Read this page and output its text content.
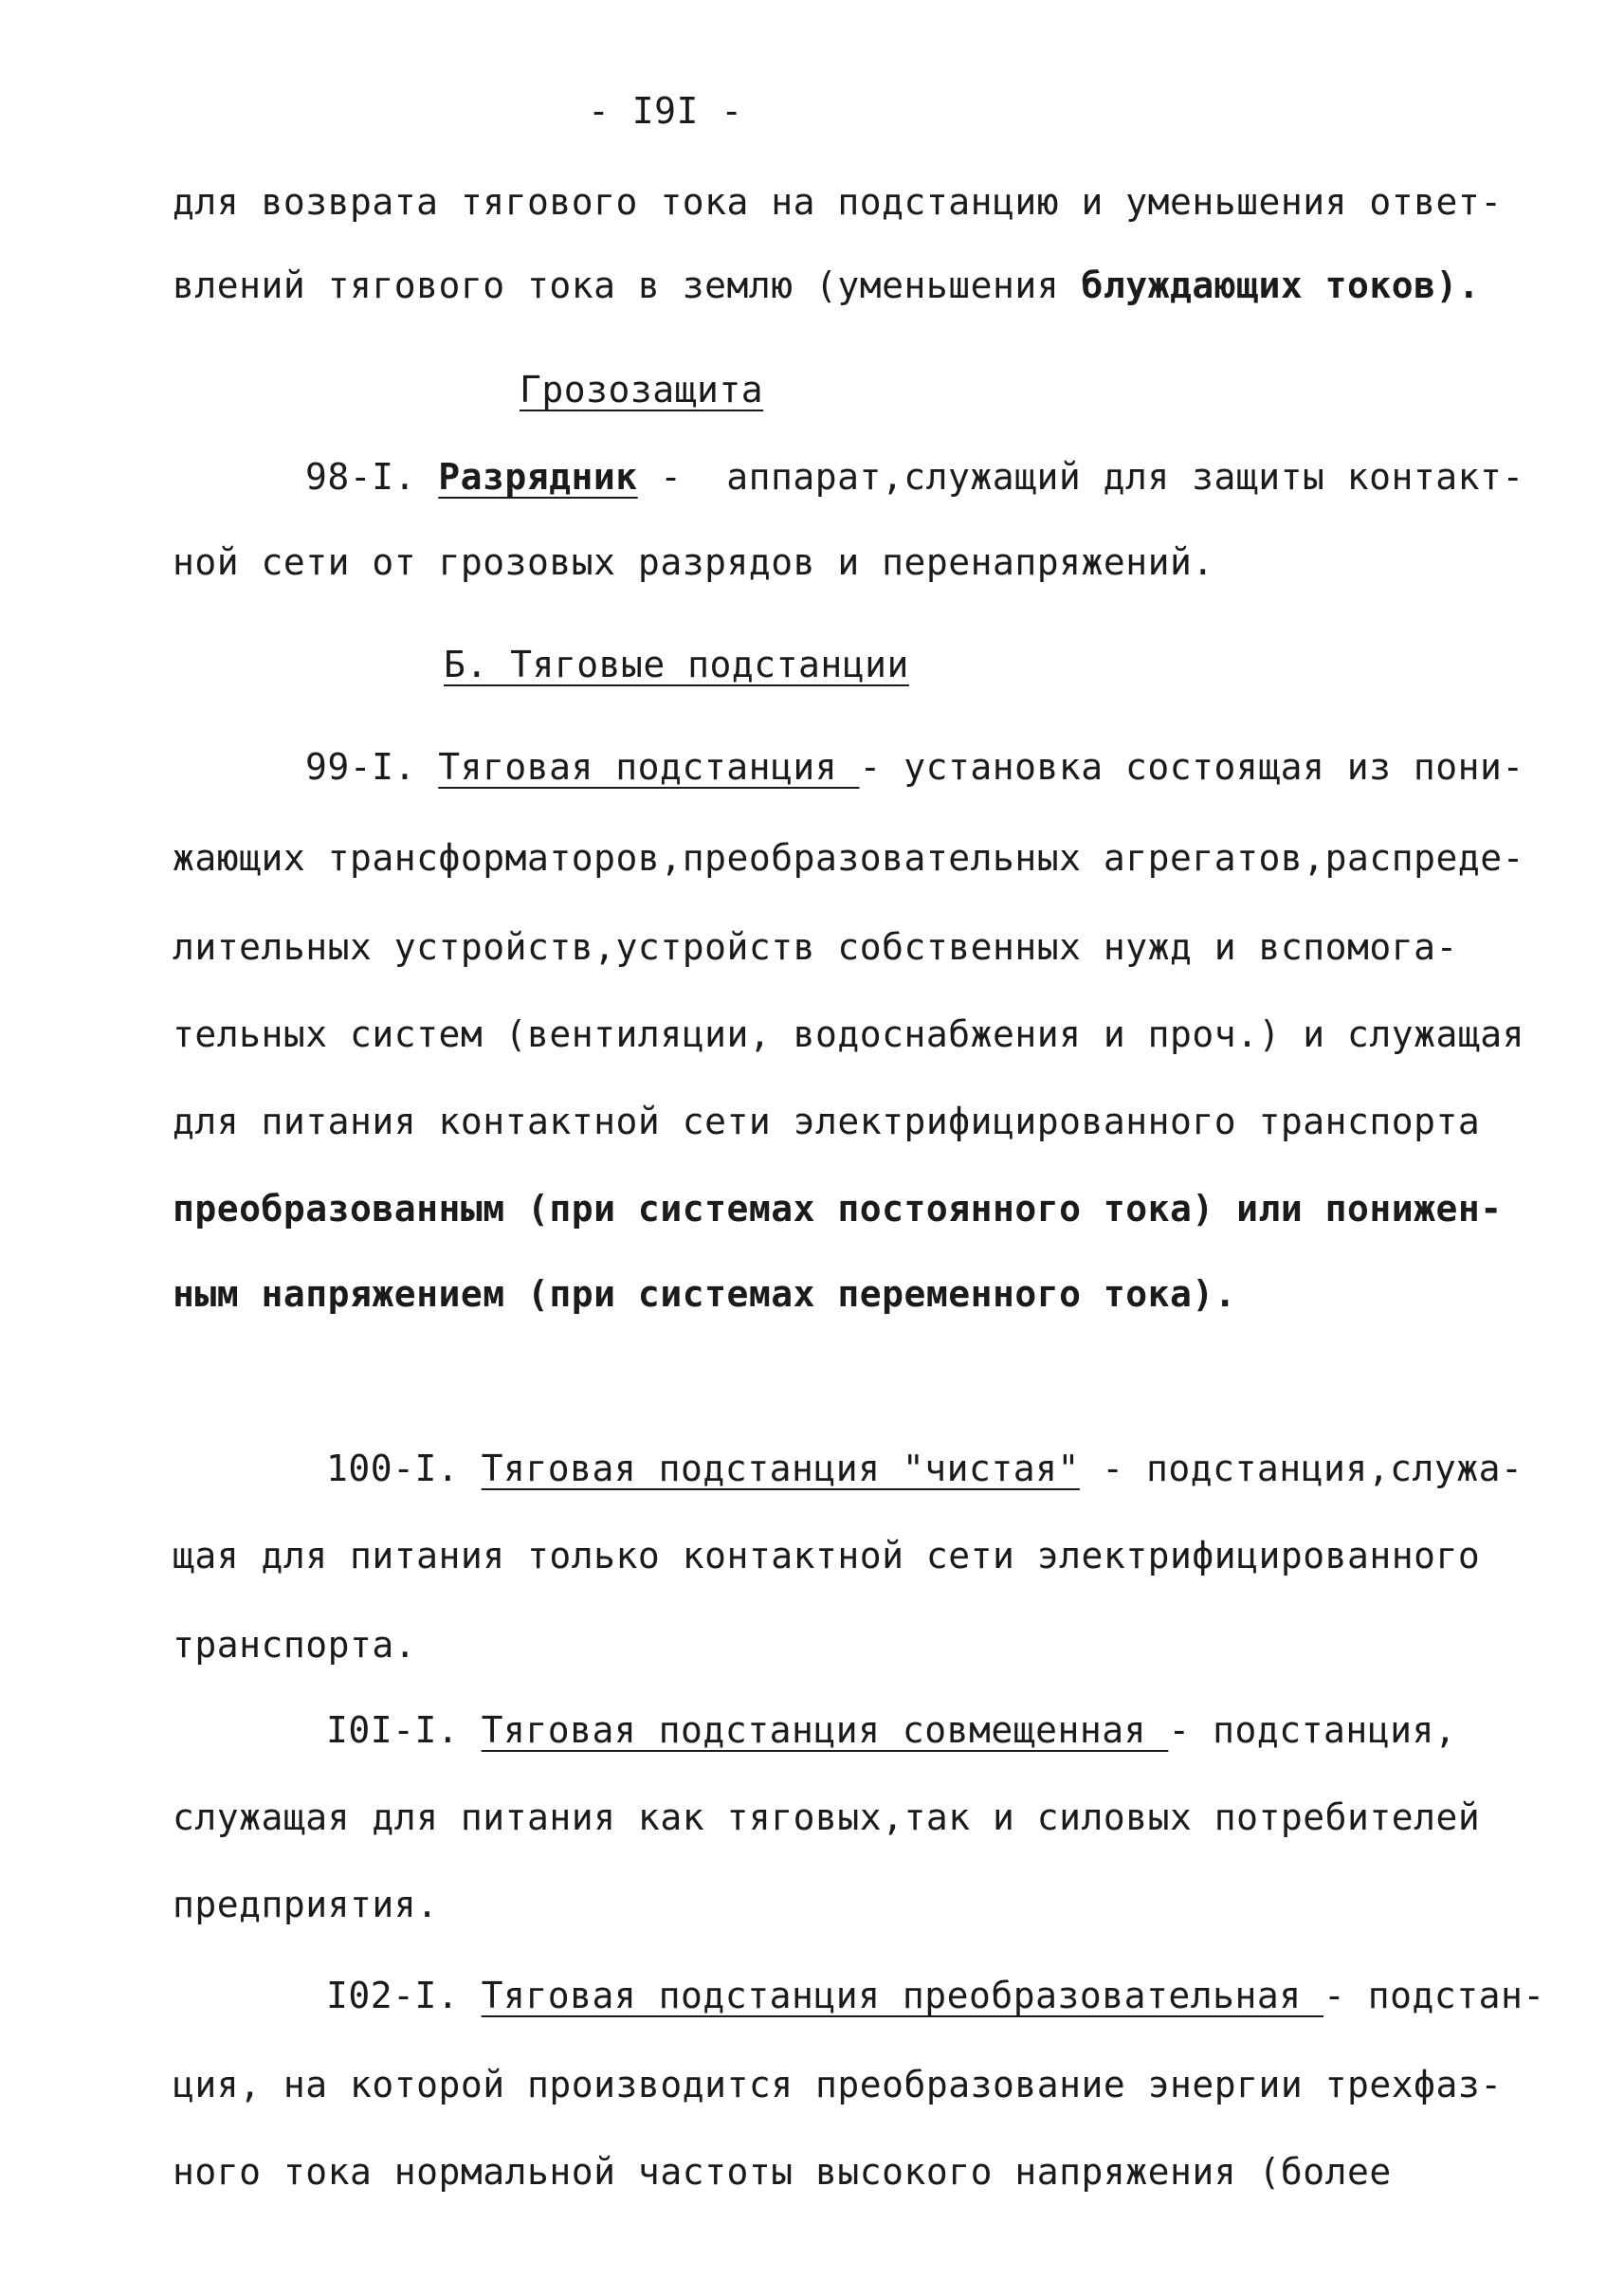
- I9I -
для возврата тягового тока на подстанцию и уменьшения ответ-
влений тягового тока в землю (уменьшения блуждающих токов).
Грозозащита
98-I. Разрядник -  аппарат,служащий для защиты контакт-
ной сети от грозовых разрядов и перенапряжений.
Б. Тяговые подстанции
99-I. Тяговая подстанция - установка состоящая из пони-
жающих трансформаторов,преобразовательных агрегатов,распреде-
лительных устройств,устройств собственных нужд и вспомога-
тельных систем (вентиляции, водоснабжения и проч.) и служащая
для питания контактной сети электрифицированного транспорта
преобразованным (при системах постоянного тока) или понижен-
ным напряжением (при системах переменного тока).
100-I. Тяговая подстанция "чистая" - подстанция,служа-
щая для питания только контактной сети электрифицированного
транспорта.
I0I-I. Тяговая подстанция совмещенная - подстанция,
служащая для питания как тяговых,так и силовых потребителей
предприятия.
I02-I. Тяговая подстанция преобразовательная - подстан-
ция, на которой производится преобразование энергии трехфаз-
ного тока нормальной частоты высокого напряжения (более
